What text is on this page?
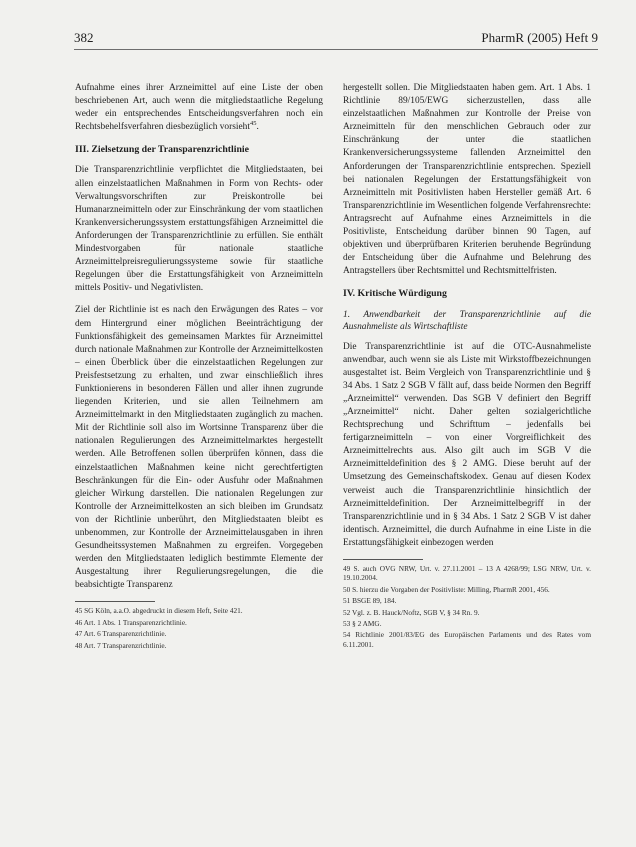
382	PharmR (2005) Heft 9

Aufnahme eines ihrer Arzneimittel auf eine Liste der oben beschriebenen Art, auch wenn die mitgliedstaatliche Regelung weder ein entsprechendes Entscheidungsverfahren noch ein Rechtsbehelfsverfahren diesbezüglich vorsieht$^{45}$.

III. Zielsetzung der Transparenzrichtlinie

Die Transparenzrichtlinie verpflichtet die Mitgliedstaaten, bei allen einzelstaatlichen Maßnahmen in Form von Rechts- oder Verwaltungsvorschriften zur Preiskontrolle bei Humanarzneimitteln oder zur Einschränkung der vom staatlichen Krankenversicherungssystem erstattungsfähigen Arzneimittel die Anforderungen der Transparenzrichtlinie zu erfüllen. Sie enthält Mindestvorgaben für nationale staatliche Arzneimittelpreisregulierungssysteme sowie für staatliche Regelungen über die Erstattungsfähigkeit von Arzneimitteln mittels Positiv- und Negativlisten.

Ziel der Richtlinie ist es nach den Erwägungen des Rates – vor dem Hintergrund einer möglichen Beeinträchtigung der Funktionsfähigkeit des gemeinsamen Marktes für Arzneimittel durch nationale Maßnahmen zur Kontrolle der Arzneimittelkosten – einen Überblick über die einzelstaatlichen Regelungen zur Preisfestsetzung zu erhalten, und zwar einschließlich ihres Funktionierens in besonderen Fällen und aller ihnen zugrunde liegenden Kriterien, und sie allen Teilnehmern am Arzneimittelmarkt in den Mitgliedstaaten zugänglich zu machen. Mit der Richtlinie soll also im Wortsinne Transparenz über die nationalen Regulierungen des Arzneimittelmarktes hergestellt werden. Alle Betroffenen sollen überprüfen können, dass die einzelstaatlichen Maßnahmen keine nicht gerechtfertigten Beschränkungen für die Ein- oder Ausfuhr oder Maßnahmen gleicher Wirkung darstellen. Die nationalen Regelungen zur Kontrolle der Arzneimittelkosten an sich bleiben im Grundsatz von der Richtlinie unberührt, den Mitgliedstaaten bleibt es unbenommen, zur Kontrolle der Arzneimittelausgaben in ihren Gesundheitssystemen Maßnahmen zu ergreifen. Vorgegeben werden den Mitgliedstaaten lediglich bestimmte Elemente der Ausgestaltung ihrer Regulierungsregelungen, die die beabsichtigte Transparenz

45 SG Köln, a.a.O. abgedruckt in diesem Heft, Seite 421.
46 Art. 1 Abs. 1 Transparenzrichtlinie.
47 Art. 6 Transparenzrichtlinie.
48 Art. 7 Transparenzrichtlinie.

hergestellt sollen. Die Mitgliedstaaten haben gem. Art. 1 Abs. 1 Richtlinie 89/105/EWG sicherzustellen, dass alle einzelstaatlichen Maßnahmen zur Kontrolle der Preise von Arzneimitteln für den menschlichen Gebrauch oder zur Einschränkung der unter die staatlichen Krankenversicherungssysteme fallenden Arzneimittel den Anforderungen der Transparenzrichtlinie entsprechen. Speziell bei nationalen Regelungen der Erstattungsfähigkeit von Arzneimitteln mit Positivlisten haben Hersteller gemäß Art. 6 Transparenzrichtlinie im Wesentlichen folgende Verfahrensrechte: Antragsrecht auf Aufnahme eines Arzneimittels in die Positivliste, Entscheidung darüber binnen 90 Tagen, auf objektiven und überprüfbaren Kriterien beruhende Begründung der Entscheidung über die Aufnahme und Belehrung des Antragstellers über Rechtsmittel und Rechtsmittelfristen.

IV. Kritische Würdigung
1. Anwendbarkeit der Transparenzrichtlinie auf die Ausnahmeliste als Wirtschaftliste

Die Transparenzrichtlinie ist auf die OTC-Ausnahmeliste anwendbar, auch wenn sie als Liste mit Wirkstoffbezeichnungen ausgestaltet ist. Beim Vergleich von Transparenzrichtlinie und § 34 Abs. 1 Satz 2 SGB V fällt auf, dass beide Normen den Begriff „Arzneimittel“ verwenden. Das SGB V definiert den Begriff „Arzneimittel“ nicht. Daher gelten sozialgerichtliche Rechtsprechung und Schrifttum – jedenfalls bei fertigarzneimitteln – von einer Vorgreiflichkeit des Arzneimittelrechts aus. Also gilt auch im SGB V die Arzneimitteldefinition des § 2 AMG. Diese beruht auf der Umsetzung des Gemeinschaftskodex. Genau auf diesen Kodex verweist auch die Transparenzrichtlinie hinsichtlich der Arzneimitteldefinition. Der Arzneimittelbegriff in der Transparenzrichtlinie und in § 34 Abs. 1 Satz 2 SGB V ist daher identisch. Arzneimittel, die durch Aufnahme in eine Liste in die Erstattungsfähigkeit einbezogen werden

49 S. auch OVG NRW, Urt. v. 27.11.2001 – 13 A 4268/99; LSG NRW, Urt. v. 19.10.2004.
50 S. hierzu die Vorgaben der Positivliste: Milling, PharmR 2001, 456.
51 BSGE 89, 184.
52 Vgl. z. B. Hauck/Noftz, SGB V, § 34 Rn. 9.
53 § 2 AMG.
54 Richtlinie 2001/83/EG des Europäischen Parlaments und des Rates vom 6.11.2001.
